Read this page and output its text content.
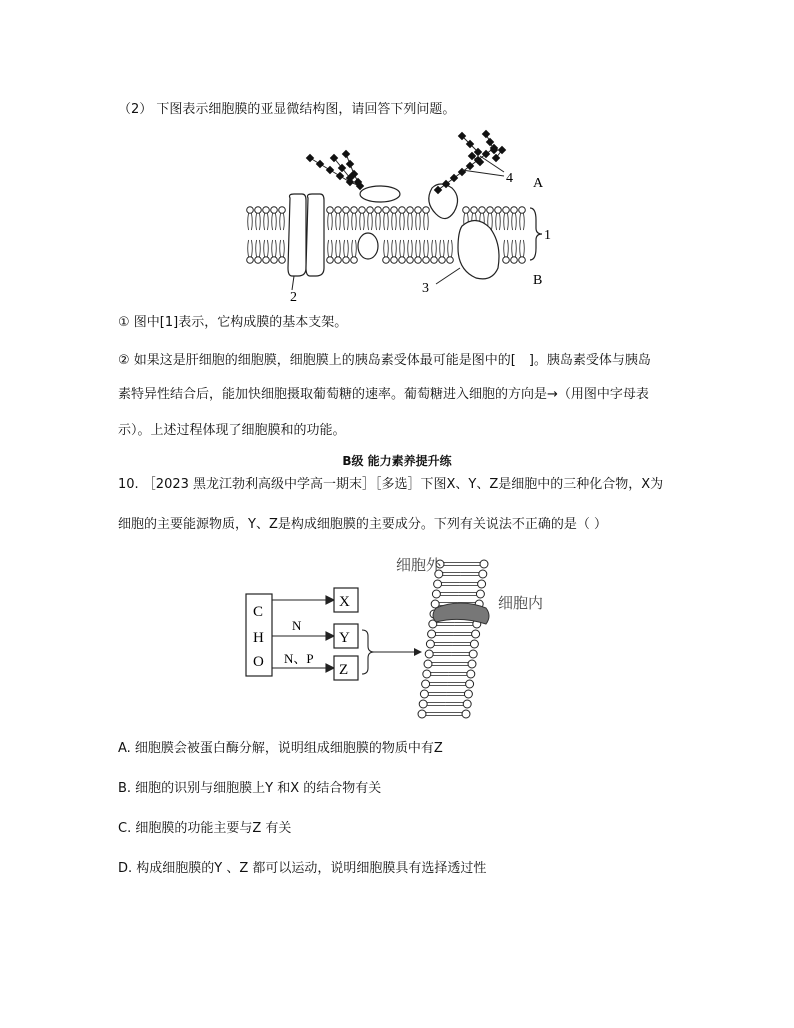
（2） 下图表示细胞膜的亚显微结构图，请回答下列问题。
1
A
B
2
3
4
① 图中[1]表示，它构成膜的基本支架。
② 如果这是肝细胞的细胞膜，细胞膜上的胰岛素受体最可能是图中的[　]。胰岛素受体与胰岛
素特异性结合后，能加快细胞摄取葡萄糖的速率。葡萄糖进入细胞的方向是→（用图中字母表
示）。上述过程体现了细胞膜和的功能。
B级 能力素养提升练
10. ［2023 黑龙江勃利高级中学高一期末］［多选］下图X、Y、Z是细胞中的三种化合物，X为
细胞的主要能源物质，Y、Z是构成细胞膜的主要成分。下列有关说法不正确的是（ ）
C
H
O
N
N、P
X
Y
Z
细胞外
细胞内
A. 细胞膜会被蛋白酶分解，说明组成细胞膜的物质中有Z
B. 细胞的识别与细胞膜上Y 和X 的结合物有关
C. 细胞膜的功能主要与Z 有关
D. 构成细胞膜的Y 、Z 都可以运动，说明细胞膜具有选择透过性
